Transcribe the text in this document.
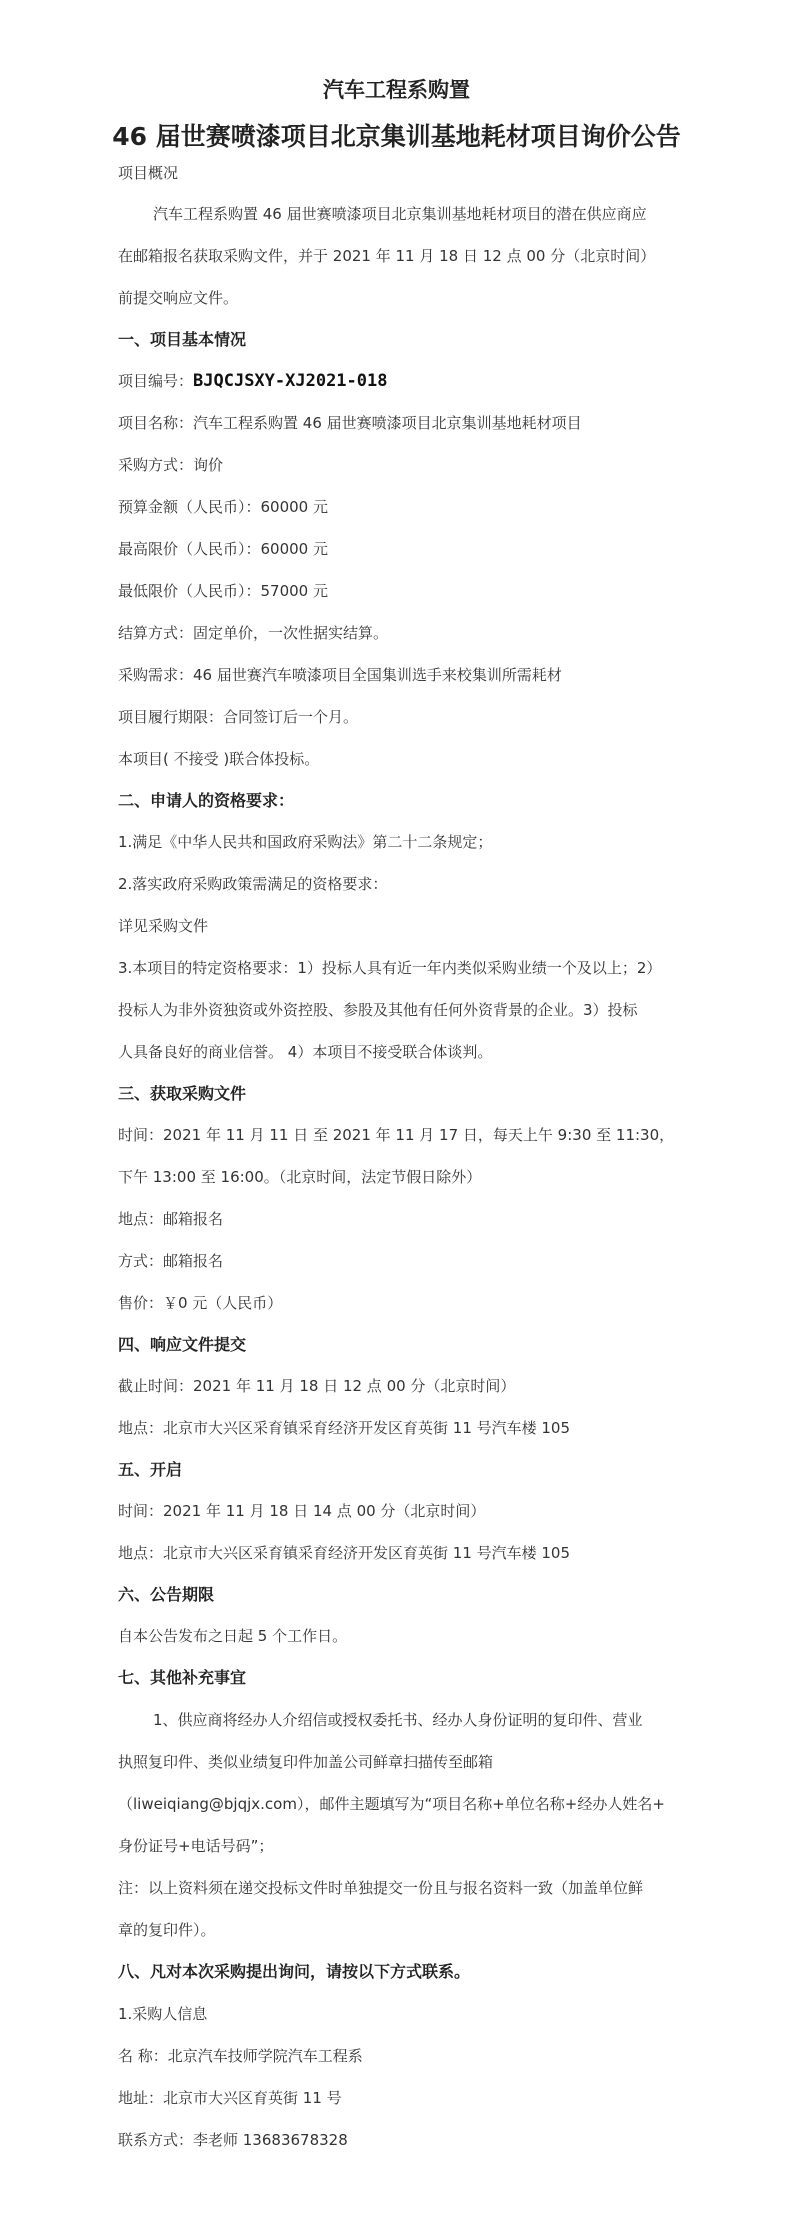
汽车工程系购置
46 届世赛喷漆项目北京集训基地耗材项目询价公告
项目概况
汽车工程系购置 46 届世赛喷漆项目北京集训基地耗材项目的潜在供应商应
在邮箱报名获取采购文件，并于 2021 年 11 月 18 日 12 点 00 分（北京时间）
前提交响应文件。
一、项目基本情况
项目编号：BJQCJSXY-XJ2021-018
项目名称：汽车工程系购置 46 届世赛喷漆项目北京集训基地耗材项目
采购方式：询价
预算金额（人民币）：60000 元
最高限价（人民币）：60000 元
最低限价（人民币）：57000 元
结算方式：固定单价，一次性据实结算。
采购需求：46 届世赛汽车喷漆项目全国集训选手来校集训所需耗材
项目履行期限：合同签订后一个月。
本项目( 不接受 )联合体投标。
二、申请人的资格要求：
1.满足《中华人民共和国政府采购法》第二十二条规定；
2.落实政府采购政策需满足的资格要求：
详见采购文件
3.本项目的特定资格要求：1）投标人具有近一年内类似采购业绩一个及以上；2）
投标人为非外资独资或外资控股、参股及其他有任何外资背景的企业。3）投标
人具备良好的商业信誉。 4）本项目不接受联合体谈判。
三、获取采购文件
时间：2021 年 11 月 11 日 至 2021 年 11 月 17 日，每天上午 9:30 至 11:30，
下午 13:00 至 16:00。（北京时间，法定节假日除外）
地点：邮箱报名
方式：邮箱报名
售价：￥0 元（人民币）
四、响应文件提交
截止时间：2021 年 11 月 18 日 12 点 00 分（北京时间）
地点：北京市大兴区采育镇采育经济开发区育英街 11 号汽车楼 105
五、开启
时间：2021 年 11 月 18 日 14 点 00 分（北京时间）
地点：北京市大兴区采育镇采育经济开发区育英街 11 号汽车楼 105
六、公告期限
自本公告发布之日起 5 个工作日。
七、其他补充事宜
1、供应商将经办人介绍信或授权委托书、经办人身份证明的复印件、营业
执照复印件、类似业绩复印件加盖公司鲜章扫描传至邮箱
（liweiqiang@bjqjx.com），邮件主题填写为“项目名称+单位名称+经办人姓名+
身份证号+电话号码”；
注：以上资料须在递交投标文件时单独提交一份且与报名资料一致（加盖单位鲜
章的复印件）。
八、凡对本次采购提出询问，请按以下方式联系。
1.采购人信息
名 称：北京汽车技师学院汽车工程系
地址：北京市大兴区育英街 11 号
联系方式：李老师 13683678328
